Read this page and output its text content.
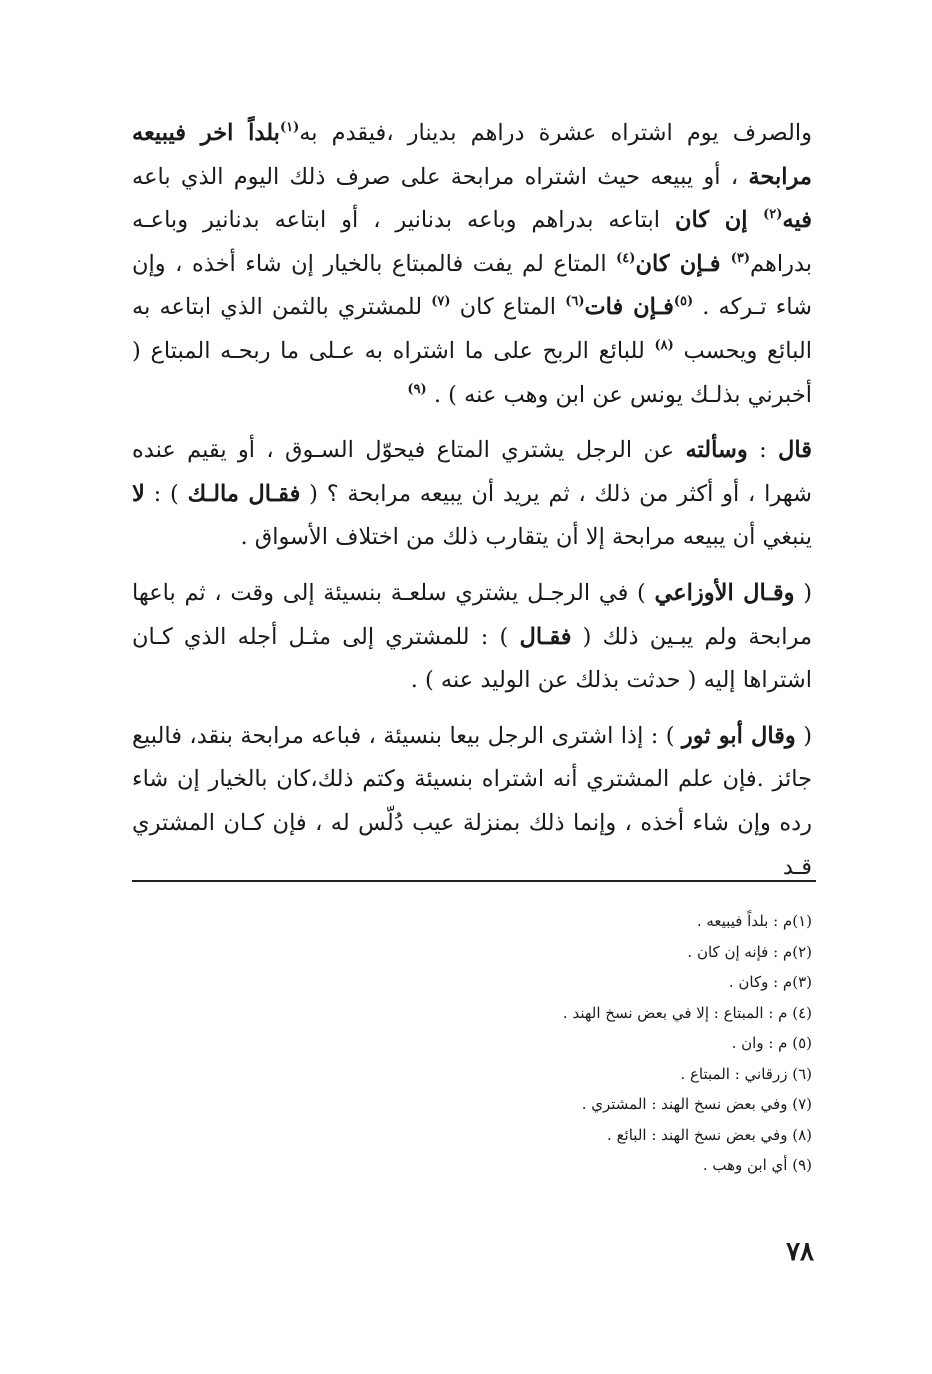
والصرف يوم اشتراه عشرة دراهم بدينار ،فيقدم به$^{(١)}$بلداً اخر فيبيعه مرابحة ، أو يبيعه حيث اشتراه مرابحة على صرف ذلك اليوم الذي باعه فيه$^{(٢)}$ إن كان ابتاعه بدراهم وباعه بدنانير ، أو ابتاعه بدنانير وباعـه بدراهم$^{(٣)}$ فـإن كان$^{(٤)}$ المتاع لم يفت فالمبتاع بالخيار إن شاء أخذه ، وإن شاء تـركه . $^{(٥)}$فـإن فات$^{(٦)}$ المتاع كان $^{(٧)}$ للمشتري بالثمن الذي ابتاعه به البائع ويحسب $^{(٨)}$ للبائع الربح على ما اشتراه به عـلى ما ربحـه المبتاع ( أخبرني بذلـك يونس عن ابن وهب عنه ) . $^{(٩)}$

قال : وسألته عن الرجل يشتري المتاع فيحوّل السـوق ، أو يقيم عنده شهرا ، أو أكثر من ذلك ، ثم يريد أن يبيعه مرابحة ؟ ( فقـال مالـك ) : لا ينبغي أن يبيعه مرابحة إلا أن يتقارب ذلك من اختلاف الأسواق .

( وقـال الأوزاعي ) في الرجـل يشتري سلعـة بنسيئة إلى وقت ، ثم باعها مرابحة ولم يبـين ذلك ( فقـال ) : للمشتري إلى مثـل أجله الذي كـان اشتراها إليه ( حدثت بذلك عن الوليد عنه ) .

( وقال أبو ثور ) : إذا اشترى الرجل بيعا بنسيئة ، فباعه مرابحة بنقد، فالبيع جائز .فإن علم المشتري أنه اشتراه بنسيئة وكتم ذلك،كان بالخيار إن شاء رده وإن شاء أخذه ، وإنما ذلك بمنزلة عيب دُلّس له ، فإن كـان المشتري قـد

(١)م : بلداً فيبيعه .
(٢)م : فإنه إن كان .
(٣)م : وكان .
(٤) م : المبتاع : إلا في بعض نسخ الهند .
(٥) م : وان .
(٦) زرقاني : المبتاع .
(٧) وفي بعض نسخ الهند : المشتري .
(٨) وفي بعض نسخ الهند : البائع .
(٩) أي ابن وهب .
٧٨
